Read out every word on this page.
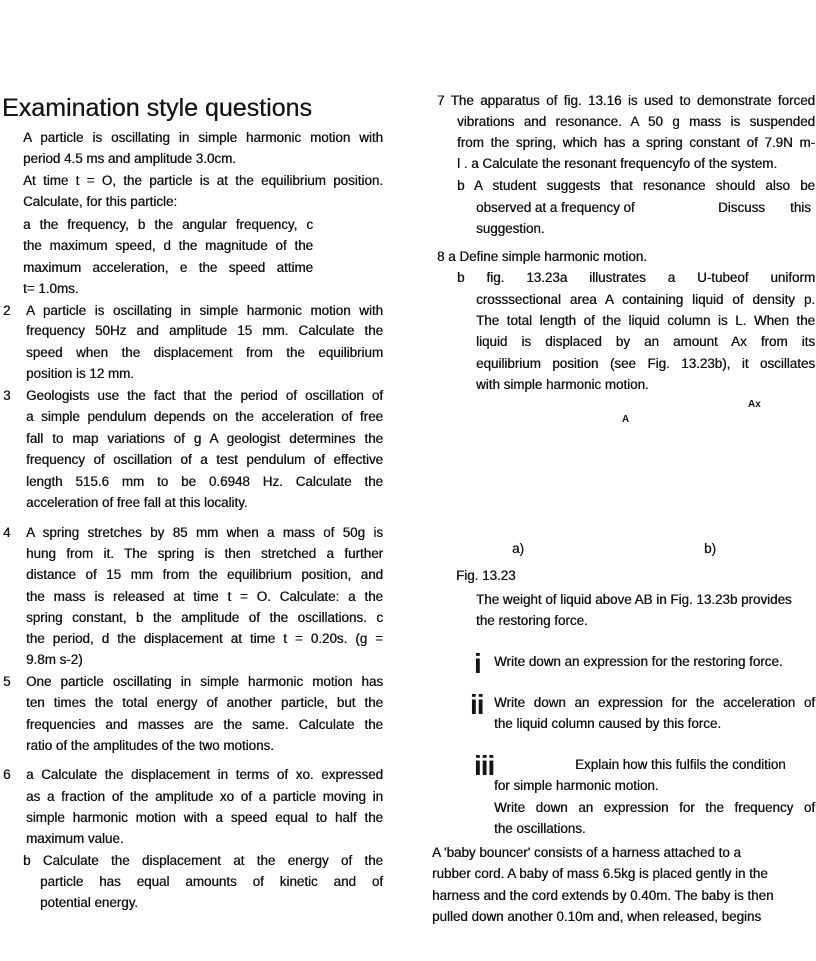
Examination style questions
A particle is oscillating in simple harmonic motion with
period 4.5 ms and amplitude 3.0cm.
At time t = O, the particle is at the equilibrium position.
Calculate, for this particle:
a the frequency, b the angular frequency, c
the maximum speed, d the magnitude of the
maximum acceleration, e the speed attime
t= 1.0ms.
A particle is oscillating in simple harmonic motion with
frequency 50Hz and amplitude 15 mm. Calculate the
speed when the displacement from the equilibrium
position is 12 mm.
2
Geologists use the fact that the period of oscillation of
a simple pendulum depends on the acceleration of free
fall to map variations of g A geologist determines the
frequency of oscillation of a test pendulum of effective
length 515.6 mm to be 0.6948 Hz. Calculate the
acceleration of free fall at this locality.
3
A spring stretches by 85 mm when a mass of 50g is
hung from it. The spring is then stretched a further
distance of 15 mm from the equilibrium position, and
the mass is released at time t = O. Calculate: a the
spring constant, b the amplitude of the oscillations. c
the period, d the displacement at time t = 0.20s. (g =
9.8m s-2)
4
One particle oscillating in simple harmonic motion has
ten times the total energy of another particle, but the
frequencies and masses are the same. Calculate the
ratio of the amplitudes of the two motions.
5
a Calculate the displacement in terms of xo. expressed
as a fraction of the amplitude xo of a particle moving in
simple harmonic motion with a speed equal to half the
maximum value.
b Calculate the displacement at the energy of the
particle has equal amounts of kinetic and of
potential energy.
6
7 The apparatus of fig. 13.16 is used to demonstrate forced
vibrations and resonance. A 50 g mass is suspended
from the spring, which has a spring constant of 7.9N m-
l . a Calculate the resonant frequencyfo of the system.
b A student suggests that resonance should also be
observed at a frequency of	Discuss this
suggestion.
8 a Define simple harmonic motion.
b fig. 13.23a illustrates a U-tubeof uniform
crosssectional area A containing liquid of density p.
The total length of the liquid column is L. When the
liquid is displaced by an amount Ax from its
equilibrium position (see Fig. 13.23b), it oscillates
with simple harmonic motion.
Ax
A
a)	b)
Fig. 13.23
The weight of liquid above AB in Fig. 13.23b provides
the restoring force.
i Write down an expression for the restoring force.
ii Write down an expression for the acceleration of
the liquid column caused by this force.
iii	Explain how this fulfils the condition
for simple harmonic motion.
Write down an expression for the frequency of
the oscillations.
A 'baby bouncer' consists of a harness attached to a
rubber cord. A baby of mass 6.5kg is placed gently in the
harness and the cord extends by 0.40m. The baby is then
pulled down another 0.10m and, when released, begins
